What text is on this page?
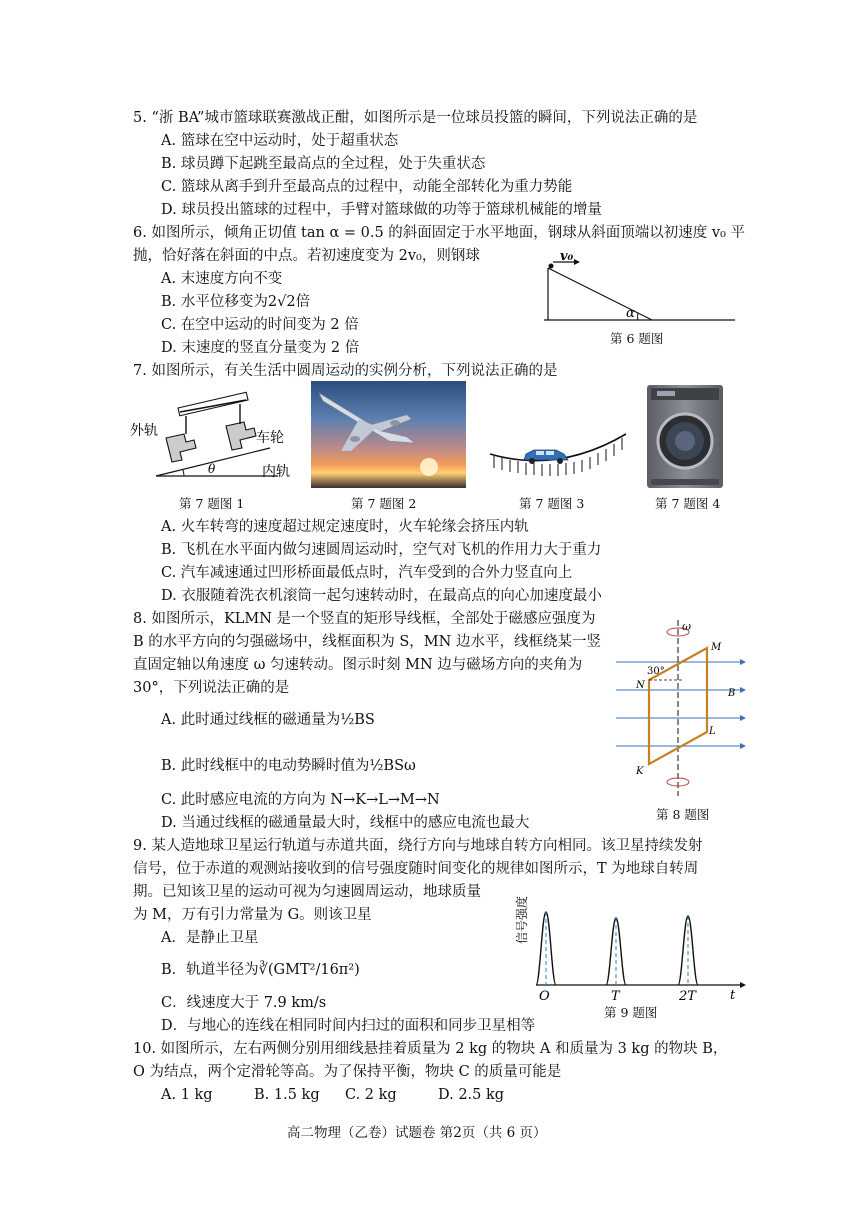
5. “浙 BA”城市篮球联赛激战正酣，如图所示是一位球员投篮的瞬间，下列说法正确的是
A. 篮球在空中运动时，处于超重状态
B. 球员蹲下起跳至最高点的全过程，处于失重状态
C. 篮球从离手到升至最高点的过程中，动能全部转化为重力势能
D. 球员投出篮球的过程中，手臂对篮球做的功等于篮球机械能的增量
6. 如图所示，倾角正切值 tan α = 0.5 的斜面固定于水平地面，钢球从斜面顶端以初速度 v₀ 平
抛，恰好落在斜面的中点。若初速度变为 2v₀，则钢球
A. 末速度方向不变
B. 水平位移变为2√2倍
C. 在空中运动的时间变为 2 倍
D. 末速度的竖直分量变为 2 倍
v₀
α
第 6 题图
7. 如图所示，有关生活中圆周运动的实例分析，下列说法正确的是
θ
外轨	车轮
内轨
第 7 题图 1	第 7 题图 2	第 7 题图 3	第 7 题图 4
A. 火车转弯的速度超过规定速度时，火车轮缘会挤压内轨
B. 飞机在水平面内做匀速圆周运动时，空气对飞机的作用力大于重力
C. 汽车减速通过凹形桥面最低点时，汽车受到的合外力竖直向上
D. 衣服随着洗衣机滚筒一起匀速转动时，在最高点的向心加速度最小
8. 如图所示，KLMN 是一个竖直的矩形导线框，全部处于磁感应强度为
B 的水平方向的匀强磁场中，线框面积为 S，MN 边水平，线框绕某一竖
直固定轴以角速度 ω 匀速转动。图示时刻 MN 边与磁场方向的夹角为
30°，下列说法正确的是
A. 此时通过线框的磁通量为½BS
B. 此时线框中的电动势瞬时值为½BSω
C. 此时感应电流的方向为 N→K→L→M→N
D. 当通过线框的磁通量最大时，线框中的感应电流也最大
ω
30°
M
N
B
L
K
第 8 题图
9. 某人造地球卫星运行轨道与赤道共面，绕行方向与地球自转方向相同。该卫星持续发射
信号，位于赤道的观测站接收到的信号强度随时间变化的规律如图所示，T 为地球自转周
期。已知该卫星的运动可视为匀速圆周运动，地球质量
为 M，万有引力常量为 G。则该卫星
A．是静止卫星
B．轨道半径为∛(GMT²/16π²)
C．线速度大于 7.9 km/s
D．与地心的连线在相同时间内扫过的面积和同步卫星相等
信号强度
O	T	2T	t
第 9 题图
10. 如图所示，左右两侧分别用细线悬挂着质量为 2 kg 的物块 A 和质量为 3 kg 的物块 B，
O 为结点，两个定滑轮等高。为了保持平衡，物块 C 的质量可能是
A. 1 kg	B. 1.5 kg C. 2 kg	D. 2.5 kg
高二物理（乙卷）试题卷 第2页（共 6 页）
